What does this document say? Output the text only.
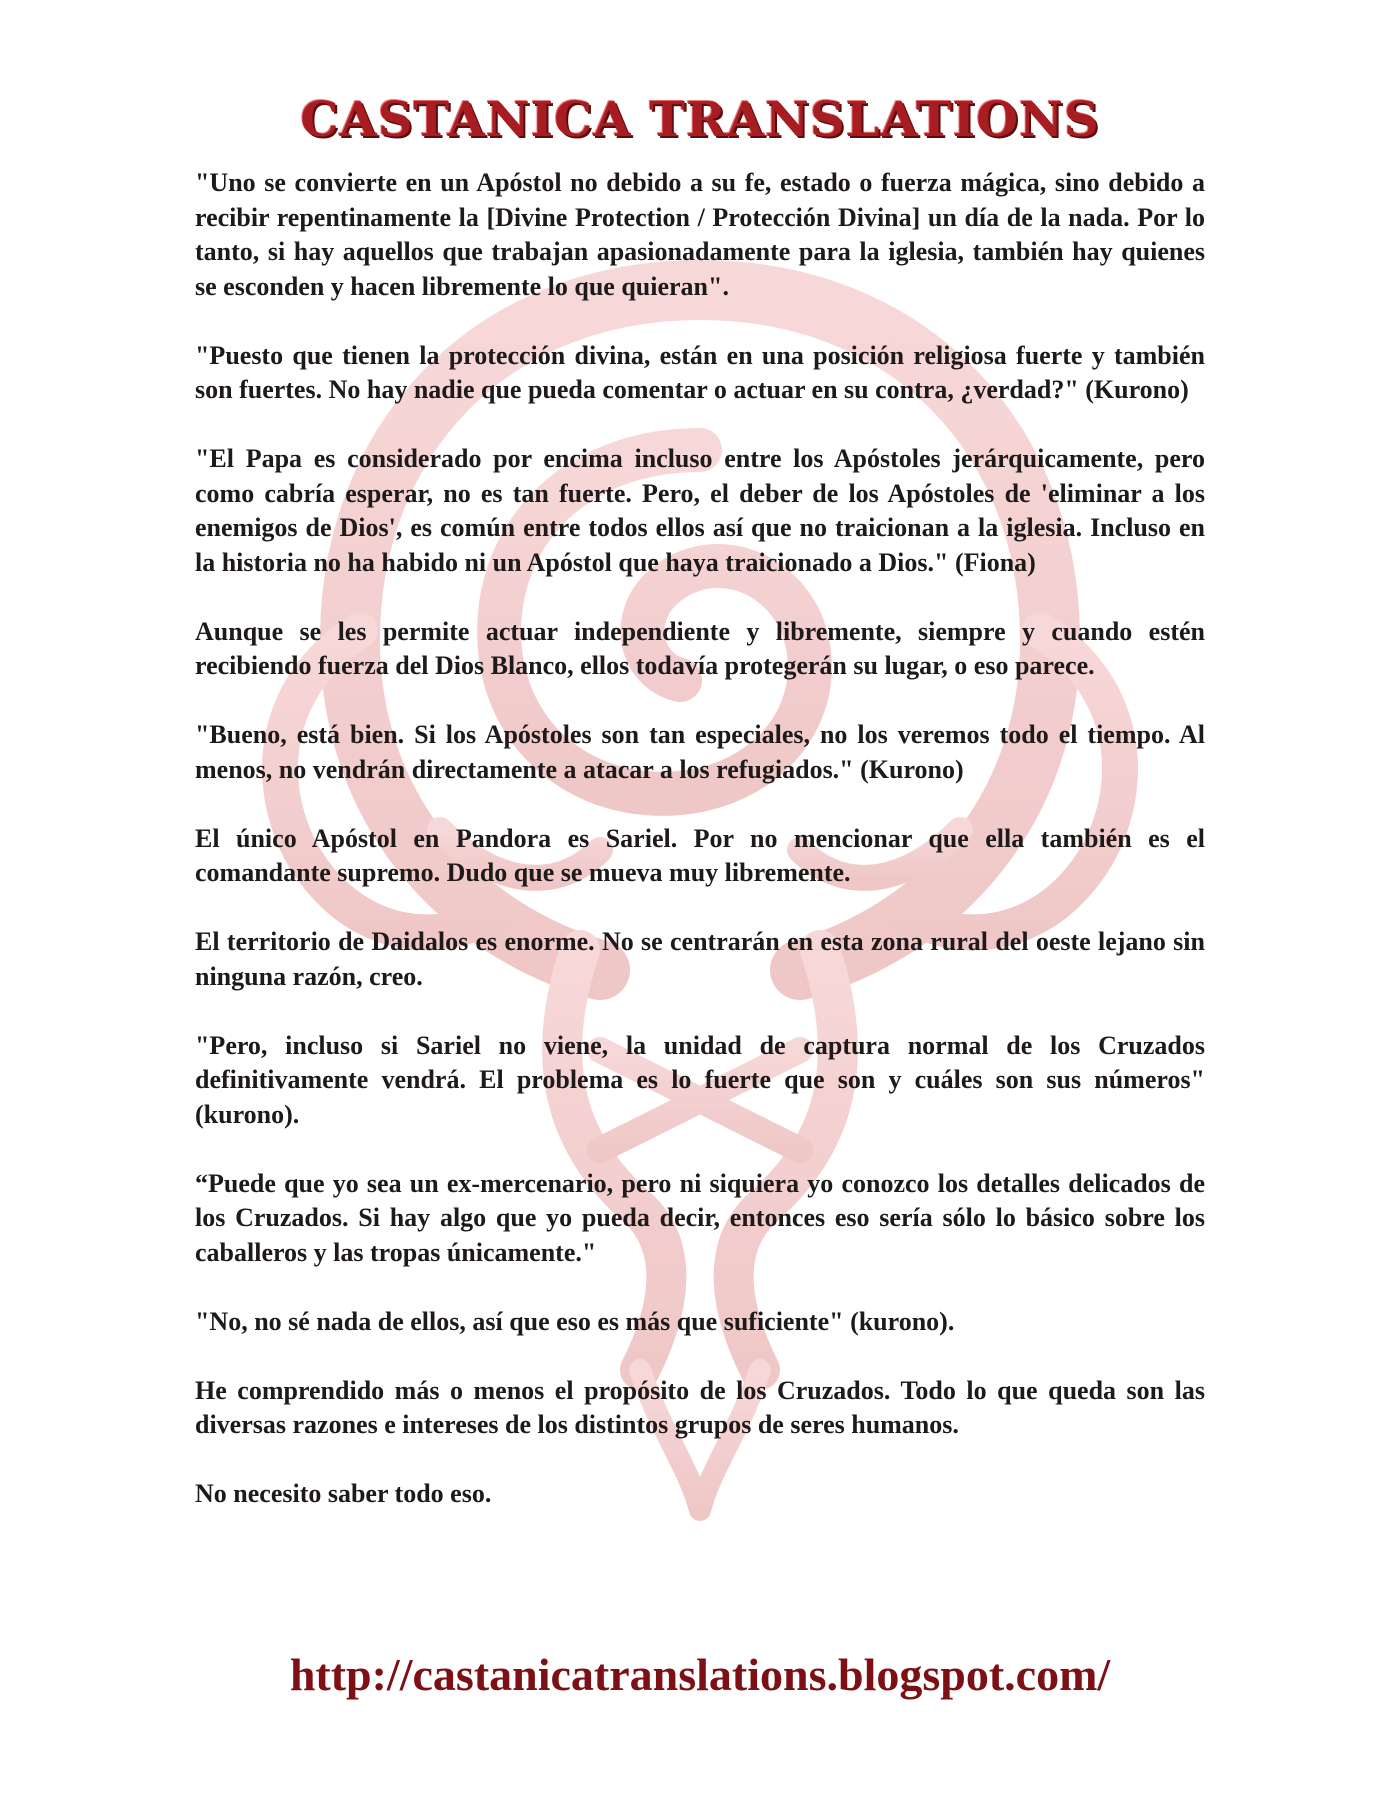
CASTANICA TRANSLATIONS

"Uno se convierte en un Apóstol no debido a su fe, estado o fuerza mágica, sino debido a recibir repentinamente la [Divine Protection / Protección Divina] un día de la nada. Por lo tanto, si hay aquellos que trabajan apasionadamente para la iglesia, también hay quienes se esconden y hacen libremente lo que quieran".

"Puesto que tienen la protección divina, están en una posición religiosa fuerte y también son fuertes. No hay nadie que pueda comentar o actuar en su contra, ¿verdad?" (Kurono)

"El Papa es considerado por encima incluso entre los Apóstoles jerárquicamente, pero como cabría esperar, no es tan fuerte. Pero, el deber de los Apóstoles de 'eliminar a los enemigos de Dios', es común entre todos ellos así que no traicionan a la iglesia. Incluso en la historia no ha habido ni un Apóstol que haya traicionado a Dios." (Fiona)

Aunque se les permite actuar independiente y libremente, siempre y cuando estén recibiendo fuerza del Dios Blanco, ellos todavía protegerán su lugar, o eso parece.

"Bueno, está bien. Si los Apóstoles son tan especiales, no los veremos todo el tiempo. Al menos, no vendrán directamente a atacar a los refugiados." (Kurono)

El único Apóstol en Pandora es Sariel. Por no mencionar que ella también es el comandante supremo. Dudo que se mueva muy libremente.

El territorio de Daidalos es enorme. No se centrarán en esta zona rural del oeste lejano sin ninguna razón, creo.

"Pero, incluso si Sariel no viene, la unidad de captura normal de los Cruzados definitivamente vendrá. El problema es lo fuerte que son y cuáles son sus números" (kurono).

“Puede que yo sea un ex-mercenario, pero ni siquiera yo conozco los detalles delicados de los Cruzados. Si hay algo que yo pueda decir, entonces eso sería sólo lo básico sobre los caballeros y las tropas únicamente."

"No, no sé nada de ellos, así que eso es más que suficiente" (kurono).

He comprendido más o menos el propósito de los Cruzados. Todo lo que queda son las diversas razones e intereses de los distintos grupos de seres humanos.

No necesito saber todo eso.

http://castanicatranslations.blogspot.com/
